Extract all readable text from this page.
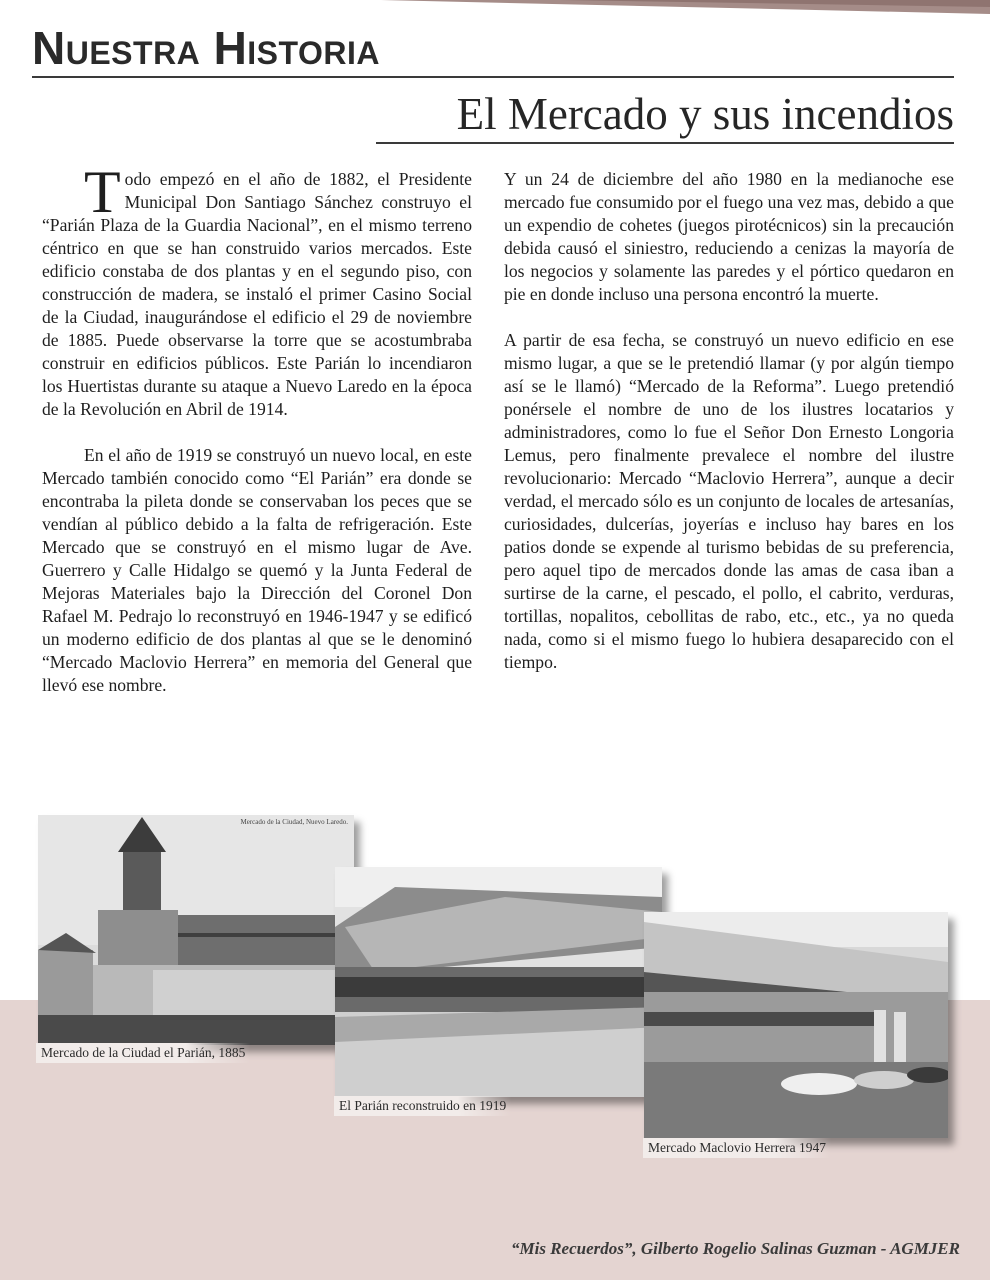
Nuestra Historia
El Mercado y sus incendios

Todo empezó en el año de 1882, el Presidente Municipal Don Santiago Sánchez construyo el “Parián Plaza de la Guardia Nacional”, en el mismo terreno céntrico en que se han construido varios mercados. Este edificio constaba de dos plantas y en el segundo piso, con construcción de madera, se instaló el primer Casino Social de la Ciudad, inaugurándose el edificio el 29 de noviembre de 1885. Puede observarse la torre que se acostumbraba construir en edificios públicos. Este Parián lo incendiaron los Huertistas durante su ataque a Nuevo Laredo en la época de la Revolución en Abril de 1914.

En el año de 1919 se construyó un nuevo local, en este Mercado también conocido como “El Parián” era donde se encontraba la pileta donde se conservaban los peces que se vendían al público debido a la falta de refrigeración. Este Mercado que se construyó en el mismo lugar de Ave. Guerrero y Calle Hidalgo se quemó y la Junta Federal de Mejoras Materiales bajo la Dirección del Coronel Don Rafael M. Pedrajo lo reconstruyó en 1946-1947 y se edificó un moderno edificio de dos plantas al que se le denominó “Mercado Maclovio Herrera” en memoria del General que llevó ese nombre.

Y un 24 de diciembre del año 1980 en la medianoche ese mercado fue consumido por el fuego una vez mas, debido a que un expendio de cohetes (juegos pirotécnicos) sin la precaución debida causó el siniestro, reduciendo a cenizas la mayoría de los negocios y solamente las paredes y el pórtico quedaron en pie en donde incluso una persona encontró la muerte.

A partir de esa fecha, se construyó un nuevo edificio en ese mismo lugar, a que se le pretendió llamar (y por algún tiempo así se le llamó) “Mercado de la Reforma”. Luego pretendió ponérsele el nombre de uno de los ilustres locatarios y administradores, como lo fue el Señor Don Ernesto Longoria Lemus, pero finalmente prevalece el nombre del ilustre revolucionario: Mercado “Maclovio Herrera”, aunque a decir verdad, el mercado sólo es un conjunto de locales de artesanías, curiosidades, dulcerías, joyerías e incluso hay bares en los patios donde se expende al turismo bebidas de su preferencia, pero aquel tipo de mercados donde las amas de casa iban a surtirse de la carne, el pescado, el pollo, el cabrito, verduras, tortillas, nopalitos, cebollitas de rabo, etc., etc., ya no queda nada, como si el mismo fuego lo hubiera desaparecido con el tiempo.

Mercado de la Ciudad, Nuevo Laredo.
Mercado de la Ciudad el Parián, 1885
El Parián reconstruido en 1919
Mercado Maclovio Herrera 1947
“Mis Recuerdos”, Gilberto Rogelio Salinas Guzman - AGMJER
